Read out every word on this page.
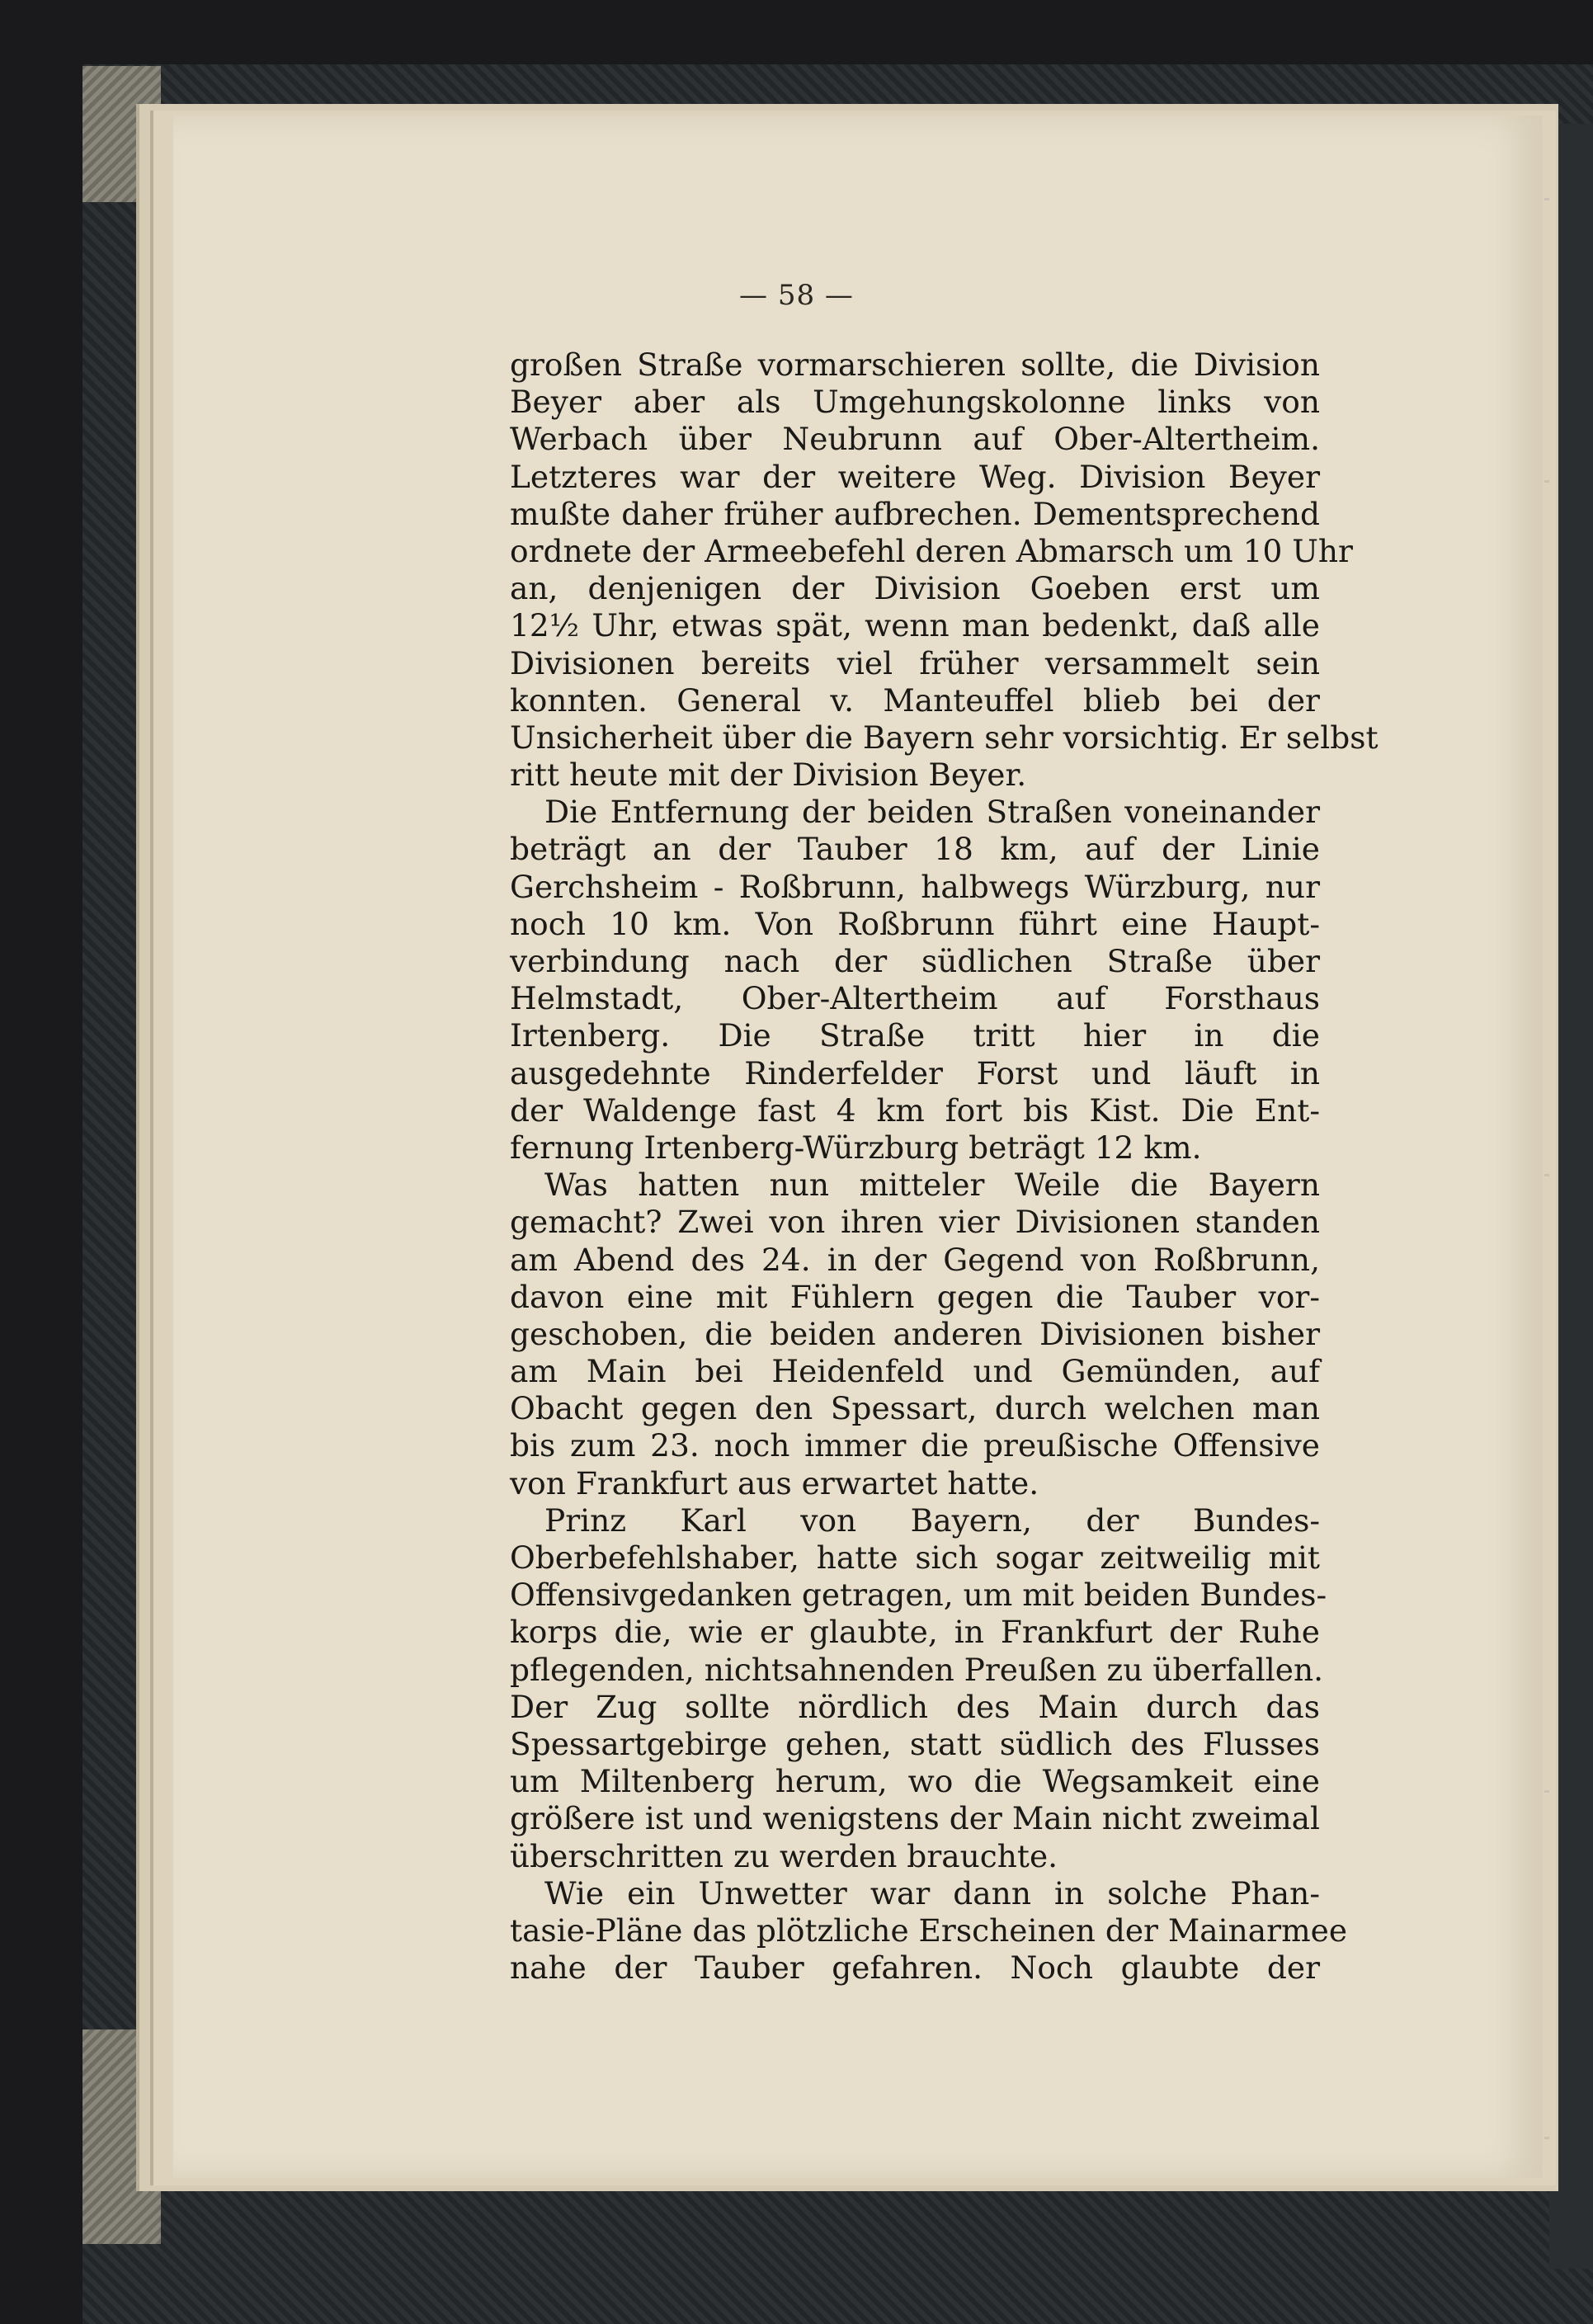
— 58 —
großen Straße vormarschieren sollte, die Division
Beyer aber als Umgehungskolonne links von
Werbach über Neubrunn auf Ober-Altertheim.
Letzteres war der weitere Weg. Division Beyer
mußte daher früher aufbrechen. Dementsprechend
ordnete der Armeebefehl deren Abmarsch um 10 Uhr
an, denjenigen der Division Goeben erst um
12½ Uhr, etwas spät, wenn man bedenkt, daß alle
Divisionen bereits viel früher versammelt sein
konnten. General v. Manteuffel blieb bei der
Unsicherheit über die Bayern sehr vorsichtig. Er selbst
ritt heute mit der Division Beyer.
Die Entfernung der beiden Straßen voneinander
beträgt an der Tauber 18 km, auf der Linie
Gerchsheim - Roßbrunn, halbwegs Würzburg, nur
noch 10 km. Von Roßbrunn führt eine Haupt-
verbindung nach der südlichen Straße über
Helmstadt, Ober-Altertheim auf Forsthaus
Irtenberg. Die Straße tritt hier in die
ausgedehnte Rinderfelder Forst und läuft in
der Waldenge fast 4 km fort bis Kist. Die Ent-
fernung Irtenberg-Würzburg beträgt 12 km.
Was hatten nun mitteler Weile die Bayern
gemacht? Zwei von ihren vier Divisionen standen
am Abend des 24. in der Gegend von Roßbrunn,
davon eine mit Fühlern gegen die Tauber vor-
geschoben, die beiden anderen Divisionen bisher
am Main bei Heidenfeld und Gemünden, auf
Obacht gegen den Spessart, durch welchen man
bis zum 23. noch immer die preußische Offensive
von Frankfurt aus erwartet hatte.
Prinz Karl von Bayern, der Bundes-
Oberbefehlshaber, hatte sich sogar zeitweilig mit
Offensivgedanken getragen, um mit beiden Bundes-
korps die, wie er glaubte, in Frankfurt der Ruhe
pflegenden, nichtsahnenden Preußen zu überfallen.
Der Zug sollte nördlich des Main durch das
Spessartgebirge gehen, statt südlich des Flusses
um Miltenberg herum, wo die Wegsamkeit eine
größere ist und wenigstens der Main nicht zweimal
überschritten zu werden brauchte.
Wie ein Unwetter war dann in solche Phan-
tasie-Pläne das plötzliche Erscheinen der Mainarmee
nahe der Tauber gefahren. Noch glaubte der
